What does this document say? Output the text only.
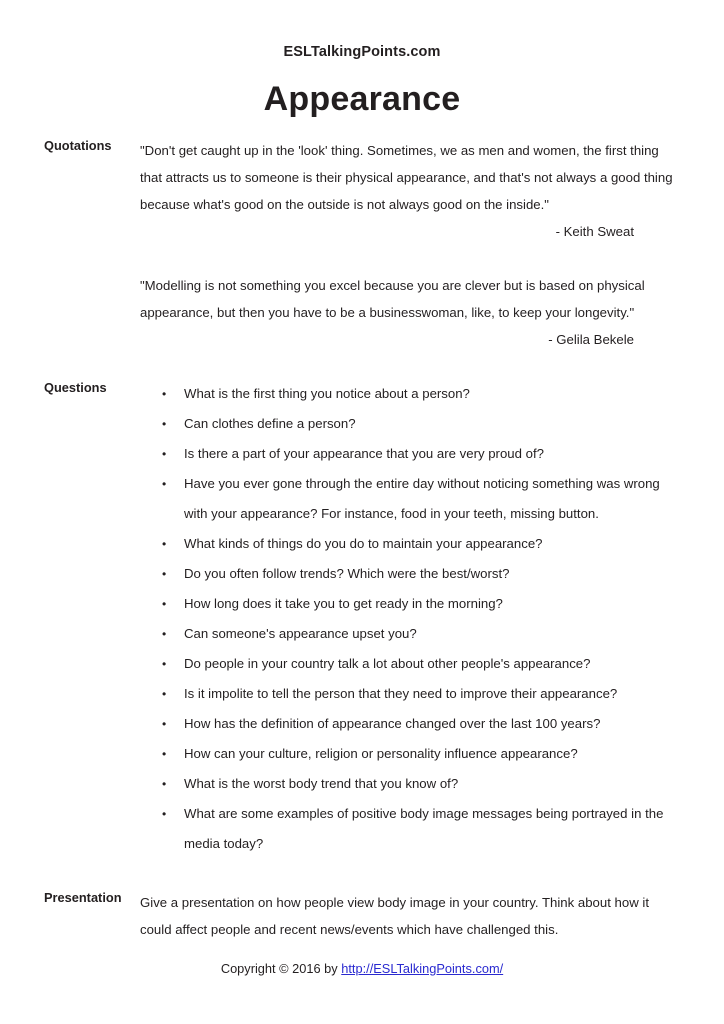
ESLTalkingPoints.com
Appearance
Quotations	"Don't get caught up in the 'look' thing. Sometimes, we as men and women, the first thing that attracts us to someone is their physical appearance, and that's not always a good thing because what's good on the outside is not always good on the inside."

- Keith Sweat

"Modelling is not something you excel because you are clever but is based on physical appearance, but then you have to be a businesswoman, like, to keep your longevity."

- Gelila Bekele

Questions	• What is the first thing you notice about a person?
• Can clothes define a person?
• Is there a part of your appearance that you are very proud of?
• Have you ever gone through the entire day without noticing something was wrong with your appearance? For instance, food in your teeth, missing button.
• What kinds of things do you do to maintain your appearance?
• Do you often follow trends? Which were the best/worst?
• How long does it take you to get ready in the morning?
• Can someone's appearance upset you?
• Do people in your country talk a lot about other people's appearance?
• Is it impolite to tell the person that they need to improve their appearance?
• How has the definition of appearance changed over the last 100 years?
• How can your culture, religion or personality influence appearance?
• What is the worst body trend that you know of?
• What are some examples of positive body image messages being portrayed in the media today?
Presentation	Give a presentation on how people view body image in your country. Think about how it could affect people and recent news/events which have challenged this.
Copyright © 2016 by http://ESLTalkingPoints.com/
